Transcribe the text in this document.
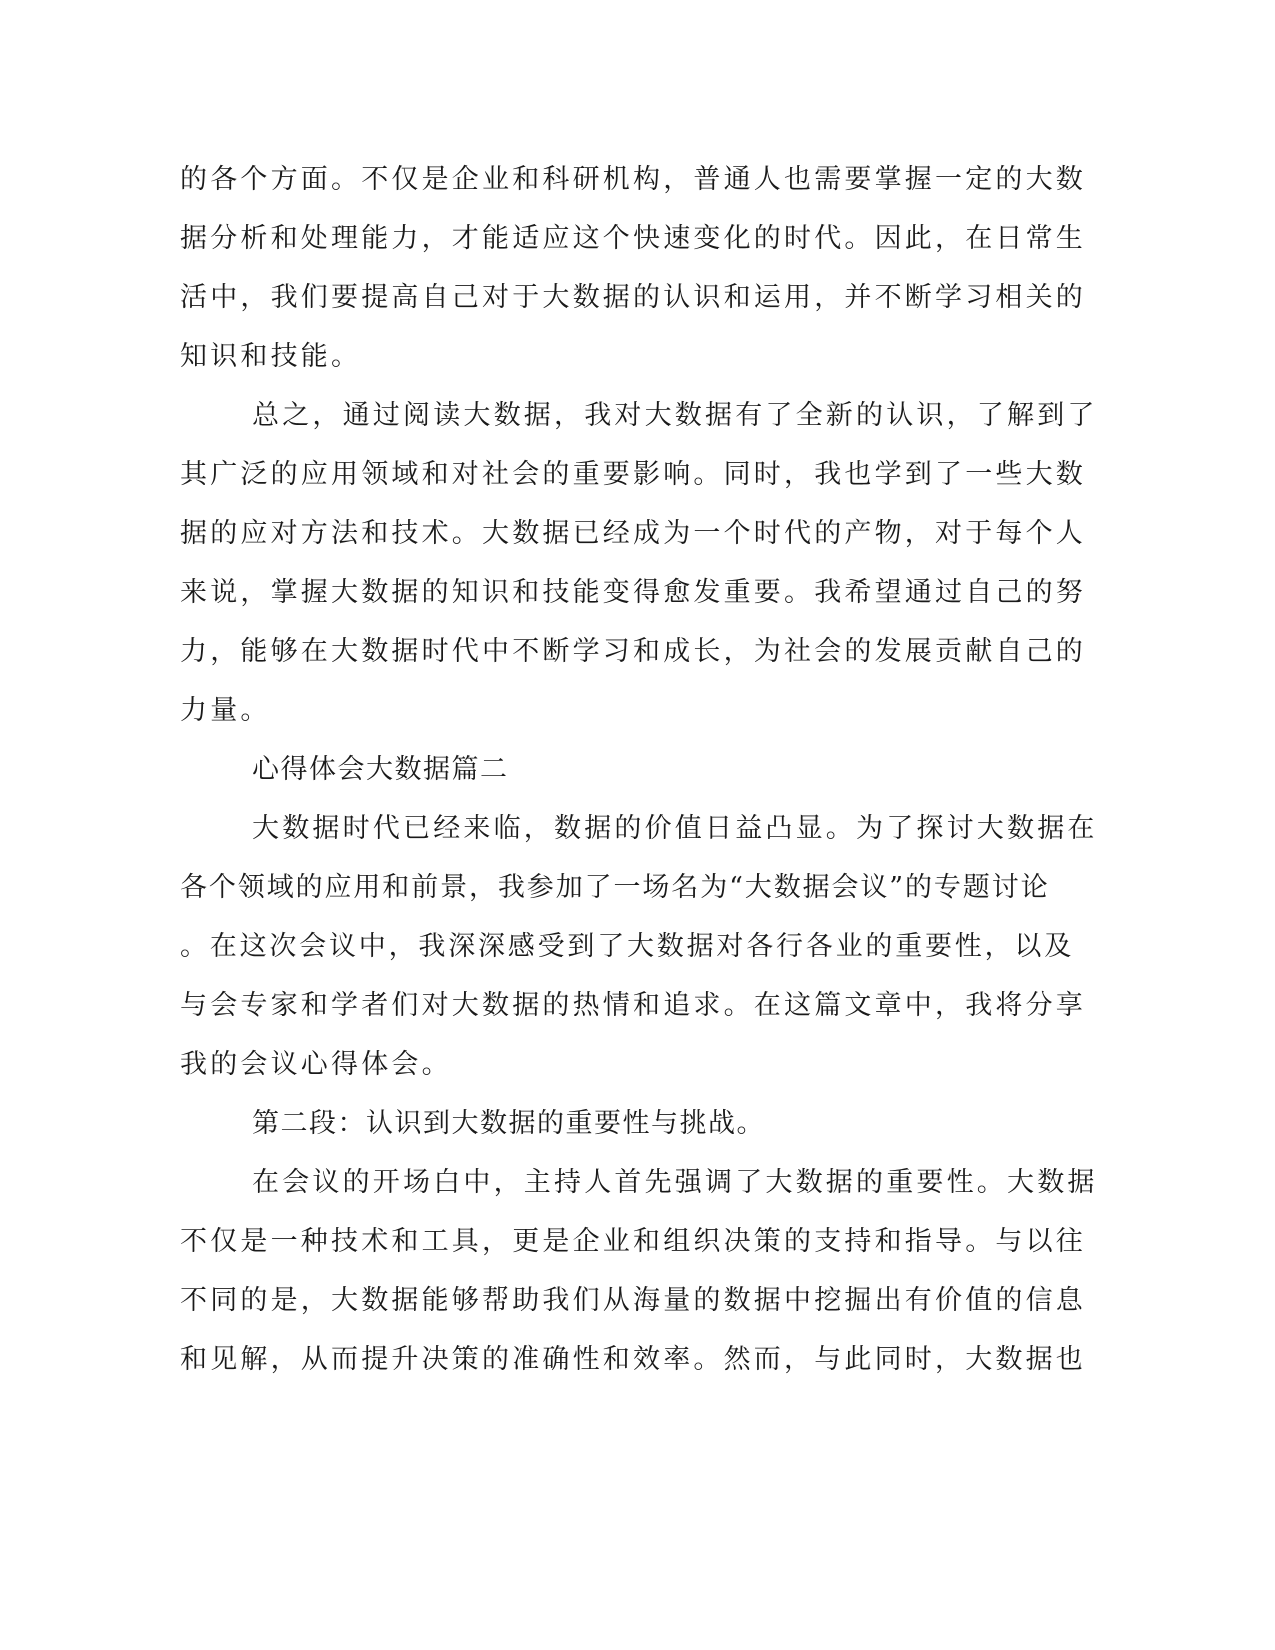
的各个方面。不仅是企业和科研机构，普通人也需要掌握一定的大数

据分析和处理能力，才能适应这个快速变化的时代。因此，在日常生

活中，我们要提高自己对于大数据的认识和运用，并不断学习相关的

知识和技能。

总之，通过阅读大数据，我对大数据有了全新的认识，了解到了

其广泛的应用领域和对社会的重要影响。同时，我也学到了一些大数

据的应对方法和技术。大数据已经成为一个时代的产物，对于每个人

来说，掌握大数据的知识和技能变得愈发重要。我希望通过自己的努

力，能够在大数据时代中不断学习和成长，为社会的发展贡献自己的

力量。

心得体会大数据篇二

大数据时代已经来临，数据的价值日益凸显。为了探讨大数据在

各个领域的应用和前景，我参加了一场名为“大数据会议”的专题讨论

。在这次会议中，我深深感受到了大数据对各行各业的重要性，以及

与会专家和学者们对大数据的热情和追求。在这篇文章中，我将分享

我的会议心得体会。

第二段：认识到大数据的重要性与挑战。

在会议的开场白中，主持人首先强调了大数据的重要性。大数据

不仅是一种技术和工具，更是企业和组织决策的支持和指导。与以往

不同的是，大数据能够帮助我们从海量的数据中挖掘出有价值的信息

和见解，从而提升决策的准确性和效率。然而，与此同时，大数据也
